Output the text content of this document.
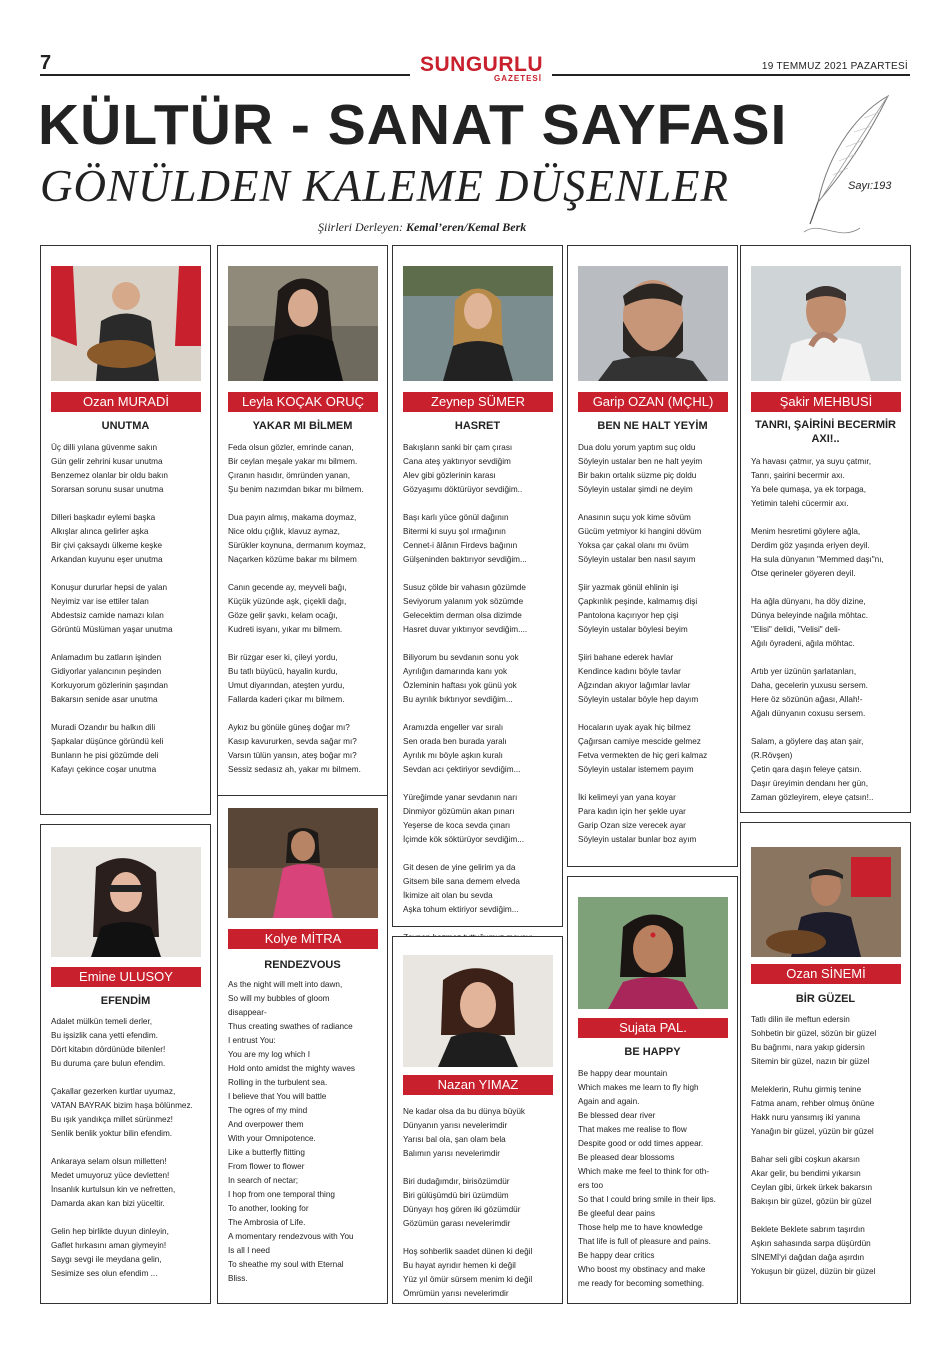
7	SUNGURLU
GAZETESİ
19 TEMMUZ 2021 PAZARTESİ
KÜLTÜR - SANAT SAYFASI
GÖNÜLDEN KALEME DÜŞENLER	Sayı:193
Şiirleri Derleyen: Kemal’eren/Kemal Berk
Ozan MURADİ
UNUTMA
Üç dilli yılana güvenme sakın
Gün gelir zehrini kusar unutma
Benzemez olanlar bir oldu bakın
Sorarsan sorunu susar unutma

Dilleri başkadır eylemi başka
Alkışlar alınca gelirler aşka
Bir çivi çaksaydı ülkeme keşke
Arkandan kuyunu eşer unutma

Konuşur dururlar hepsi de yalan
Neyimiz var ise ettiler talan
Abdestsiz camide namazı kılan
Görüntü Müslüman yaşar unutma

Anlamadım bu zatların işinden
Gidiyorlar yalancının peşinden
Korkuyorum gözlerinin şaşından
Bakarsın senide asar unutma

Muradi Ozandır bu halkın dili
Şapkalar düşünce göründü keli
Bunların he pisi gözümde deli
Kafayı çekince coşar unutma
Leyla KOÇAK ORUÇ
YAKAR MI BİLMEM
Feda olsun gözler, emrinde canan,
Bir ceylan meşale yakar mı bilmem.
Çıranın hasıdır, ömründen yanan,
Şu benim nazımdan bıkar mı bilmem.

Dua payın almış, makama doymaz,
Nice oldu çığlık, klavuz aymaz,
Sürükler koynuna, dermanım koymaz,
Naçarken közüme bakar mı bilmem

Canın gecende ay, meyveli bağı,
Küçük yüzünde aşk, çiçekli dağı,
Göze gelir şavkı, kelam ocağı,
Kudreti isyanı, yıkar mı bilmem.

Bir rüzgar eser ki, çileyi yordu,
Bu tatlı büyücü, hayalin kurdu,
Umut diyarından, ateşten yurdu,
Fallarda kaderi çıkar mı bilmem.

Aykız bu gönüle güneş doğar mı?
Kasıp kavururken, sevda sağar mı?
Varsın tülün yansın, ateş boğar mı?
Sessiz sedasız ah, yakar mı bilmem.
Zeynep SÜMER
HASRET
Bakışların sanki bir çam çırası
Cana ateş yaktırıyor sevdiğim
Alev gibi gözlerinin karası
Gözyaşımı döktürüyor sevdiğim..

Başı karlı yüce gönül dağının
Bitermi ki suyu şol ırmağının
Cennet-i âlânın Firdevs bağının
Gülşeninden baktırıyor sevdiğim...

Susuz çölde bir vahasın gözümde
Seviyorum yalanım yok sözümde
Gelecektim derman olsa dizimde
Hasret duvar yıktırıyor sevdiğim....

Biliyorum bu sevdanın sonu yok
Ayrılığın damarında kanı yok
Özleminin haftası yok günü yok
Bu ayrılık bıktırıyor sevdiğim...

Aramızda engeller var sıralı
Sen orada ben burada yaralı
Ayrılık mı böyle aşkın kuralı
Sevdan acı çektiriyor sevdiğim...

Yüreğimde yanar sevdanın narı
Dinmiyor gözümün akan pınarı
Yeşerse de koca sevda çınarı
İçimde kök söktürüyor sevdiğim...

Git desen de yine gelirim ya da
Gitsem bile sana demem elveda
İkimize ait olan bu sevda
Aşka tohum ektiriyor sevdiğim...

Garip OZAN (MÇHL)
BEN NE HALT YEYİM
Dua dolu yorum yaptım suç oldu
Söyleyin ustalar ben ne halt yeyim
Bir bakın ortalık süzme piç doldu
Söyleyin ustalar şimdi ne deyim

Anasının suçu yok kime sövüm
Gücüm yetmiyor ki hangini dövüm
Yoksa çar çakal olanı mı övüm
Söyleyin ustalar ben nasıl sayım

Şiir yazmak gönül ehlinin işi
Çapkınlık peşinde, kalmamış dişi
Pantolona kaçırıyor hep çişi
Söyleyin ustalar böylesi beyim

Şiiri bahane ederek havlar
Kendince kadını böyle tavlar
Ağzından akıyor lağımlar lavlar
Söyleyin ustalar böyle hep dayım

Hocaların uyak ayak hiç bilmez
Çağırsan camiye mescide gelmez
Fetva vermekten de hiç geri kalmaz
Söyleyin ustalar istemem payım

İki kelimeyi yan yana koyar
Para kadın için her şekle uyar
Garip Ozan size verecek ayar
Söyleyin ustalar bunlar boz ayım
Şakir MEHBUSİ
TANRI, ŞAİRİNİ BECERMİR AXI!..
Ya havası çatmır, ya suyu çatmır,
Tanrı, şairini becermir axı.
Ya bele qumaşa, ya ek torpaga,
Yetimin talehi cücermir axı.

Menim hesretimi göylere ağla,
Derdim göz yaşında eriyen deyil.
Ha sula dünyanın "Memmed daşı"nı,
Ötse qerineler göyeren deyil.

Ha ağla dünyanı, ha döy dizine,
Dünya beleyinde nağıla möhtac.
"Elisi" delidi, "Velisi" deli-
Ağılı öyrədeni, ağıla möhtac.

Artıb yer üzünün şarlatanları,
Daha, gecelerin yuxusu sersem.
Here öz sözünün ağası, Allah!-
Ağalı dünyanın coxusu sersem.

Salam, a göylere daş atan şair,
(R.Rövşen)
Çetin qara daşın feleye çatsın.
Daşır üreyimin dendanı her gün,
Zaman gözleyirem, eleye çatsın!..
Emine ULUSOY
EFENDİM
Adalet mülkün temeli derler,
Bu işsizlik cana yetti efendim.
Dört kitabın dördünüde bilenler!
Bu duruma çare bulun efendim.

Çakallar gezerken kurtlar uyumaz,
VATAN BAYRAK bizim haşa bölünmez.
Bu ışık yandıkça millet sürünmez!
Senlik benlik yoktur bilin efendim.

Ankaraya selam olsun milletten!
Medet umuyoruz yüce devletten!
İnsanlık kurtulsun kin ve nefretten,
Damarda akan kan bizi yüceltir.

Gelin hep birlikte duyun dinleyin,
Gaflet hırkasını aman giymeyin!
Saygı sevgi ile meydana gelin,
Sesimize ses olun efendim ...
Kolye MİTRA
RENDEZVOUS
As the night will melt into dawn,
So will my bubbles of gloom
disappear-
Thus creating swathes of radiance
I entrust You:
You are my log which I
Hold onto amidst the mighty waves
Rolling in the turbulent sea.
I believe that You will battle
The ogres of my mind
And overpower them
With your Omnipotence.
Like a butterfly flitting
From flower to flower
In search of nectar;
I hop from one temporal thing
To another, looking for
The Ambrosia of Life.
A momentary rendezvous with You
Is all I need
To sheathe my soul with Eternal
Bliss.
Nazan YIMAZ
Ne kadar olsa da bu dünya büyük
Dünyanın yarısı nevelerimdir
Yarısı bal ola, şan olam bela
Balımın yarısı nevelerimdir

Biri dudağımdır, birisözümdür
Biri gülüşümdü biri üzümdüm
Dünyayı hoş gören iki gözümdür
Gözümün garası nevelerimdir

Hoş sohberlik saadet dünen ki değil
Bu hayat ayrıdır hemen ki değil
Yüz yıl ömür sürsem menim ki değil
Ömrümün yarısı nevelerimdir
Sujata PAL.
BE HAPPY
Be happy dear mountain
Which makes me learn to fly high
Again and again.
Be blessed dear river
That makes me realise to flow
Despite good or odd times appear.
Be pleased dear blossoms
Which make me feel to think for oth-
ers too
So that I could bring smile in their lips.
Be gleeful dear pains
Those help me to have knowledge
That life is full of pleasure and pains.
Be happy dear critics
Who boost my obstinacy and make
me ready for becoming something.
Ozan SİNEMİ
BİR GÜZEL
Tatlı dilin ile meftun edersin
Sohbetin bir güzel, sözün bir güzel
Bu bağrımı, nara yakıp gidersin
Sitemin bir güzel, nazın bir güzel

Meleklerin, Ruhu girmiş tenine
Fatma anam, rehber olmuş önüne
Hakk nuru yansımış iki yanına
Yanağın bir güzel, yüzün bir güzel

Bahar seli gibi coşkun akarsın
Akar gelir, bu bendimi yıkarsın
Ceylan gibi, ürkek ürkek bakarsın
Bakışın bir güzel, gözün bir güzel

Beklete Beklete sabrım taşırdın
Aşkın sahasında sarpa düşürdün
SİNEMİ'yi dağdan dağa aşırdın
Yokuşun bir güzel, düzün bir güzel
